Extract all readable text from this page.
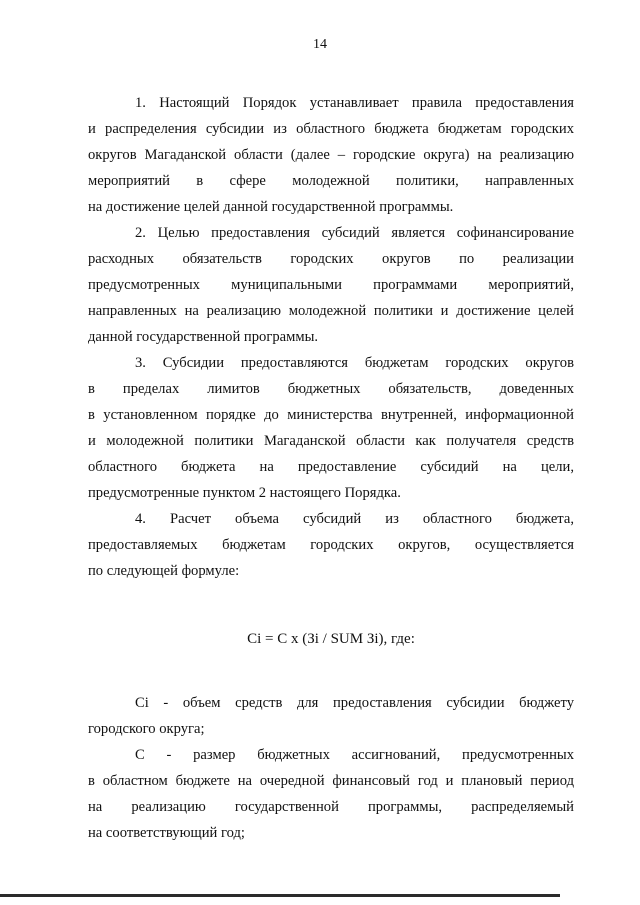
14
1. Настоящий Порядок устанавливает правила предоставления
и распределения субсидии из областного бюджета бюджетам городских
округов Магаданской области (далее – городские округа) на реализацию
мероприятий в сфере молодежной политики, направленных
на достижение целей данной государственной программы.
2. Целью предоставления субсидий является софинансирование
расходных обязательств городских округов по реализации
предусмотренных муниципальными программами мероприятий,
направленных на реализацию молодежной политики и достижение целей
данной государственной программы.
3. Субсидии предоставляются бюджетам городских округов
в пределах лимитов бюджетных обязательств, доведенных
в установленном порядке до министерства внутренней, информационной
и молодежной политики Магаданской области как получателя средств
областного бюджета на предоставление субсидий на цели,
предусмотренные пунктом 2 настоящего Порядка.
4. Расчет объема субсидий из областного бюджета,
предоставляемых бюджетам городских округов, осуществляется
по следующей формуле:
Ci = C x (Зi / SUM Зi), где:
Ci - объем средств для предоставления субсидии бюджету
городского округа;
C - размер бюджетных ассигнований, предусмотренных
в областном бюджете на очередной финансовый год и плановый период
на реализацию государственной программы, распределяемый
на соответствующий год;
